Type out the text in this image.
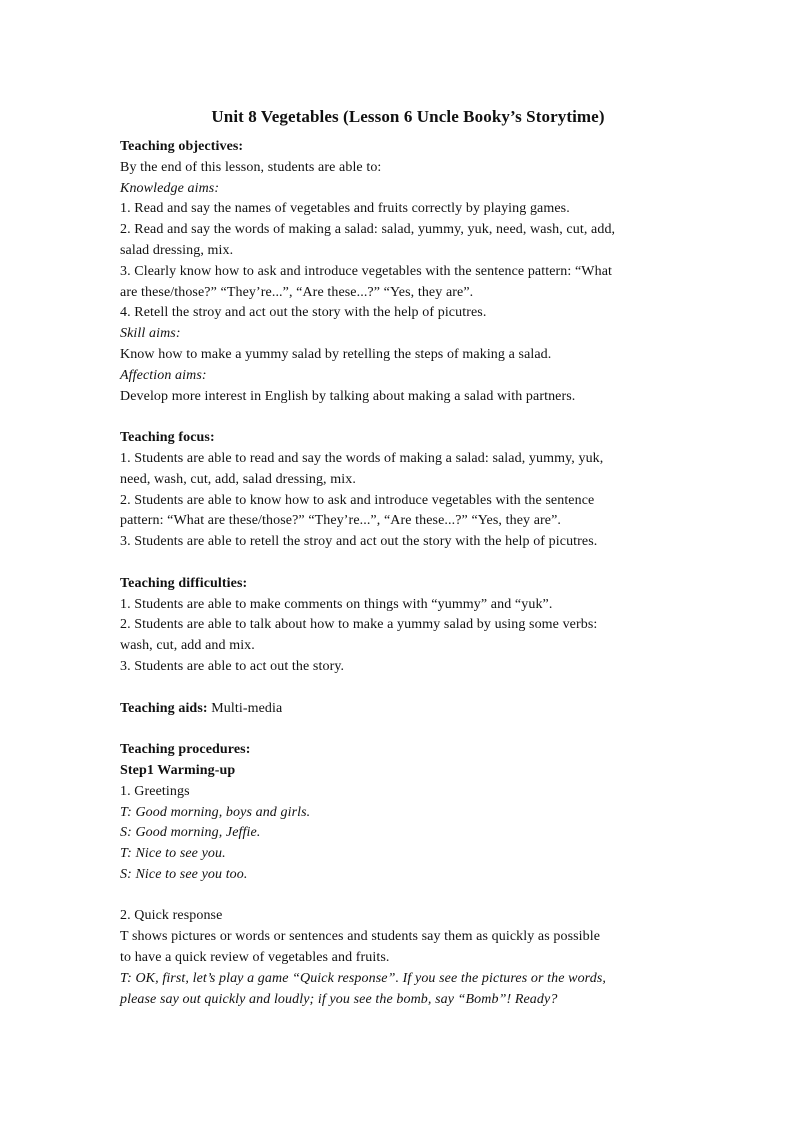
Unit 8 Vegetables (Lesson 6 Uncle Booky’s Storytime)

Teaching objectives:

By the end of this lesson, students are able to:

Knowledge aims:

1. Read and say the names of vegetables and fruits correctly by playing games.

2. Read and say the words of making a salad: salad, yummy, yuk, need, wash, cut, add,

salad dressing, mix.

3. Clearly know how to ask and introduce vegetables with the sentence pattern: “What

are these/those?” “They’re...”, “Are these...?” “Yes, they are”.

4. Retell the stroy and act out the story with the help of picutres.

Skill aims:

Know how to make a yummy salad by retelling the steps of making a salad.

Affection aims:

Develop more interest in English by talking about making a salad with partners.

Teaching focus:

1. Students are able to read and say the words of making a salad: salad, yummy, yuk,

need, wash, cut, add, salad dressing, mix.

2. Students are able to know how to ask and introduce vegetables with the sentence

pattern: “What are these/those?” “They’re...”, “Are these...?” “Yes, they are”.

3. Students are able to retell the stroy and act out the story with the help of picutres.

Teaching difficulties:

1. Students are able to make comments on things with “yummy” and “yuk”.

2. Students are able to talk about how to make a yummy salad by using some verbs:

wash, cut, add and mix.

3. Students are able to act out the story.

Teaching aids: Multi-media

Teaching procedures:

Step1 Warming-up

1. Greetings

T: Good morning, boys and girls.

S: Good morning, Jeffie.

T: Nice to see you.

S: Nice to see you too.

2. Quick response

T shows pictures or words or sentences and students say them as quickly as possible

to have a quick review of vegetables and fruits.

T: OK, first, let’s play a game “Quick response”. If you see the pictures or the words,

please say out quickly and loudly; if you see the bomb, say “Bomb”! Ready?
